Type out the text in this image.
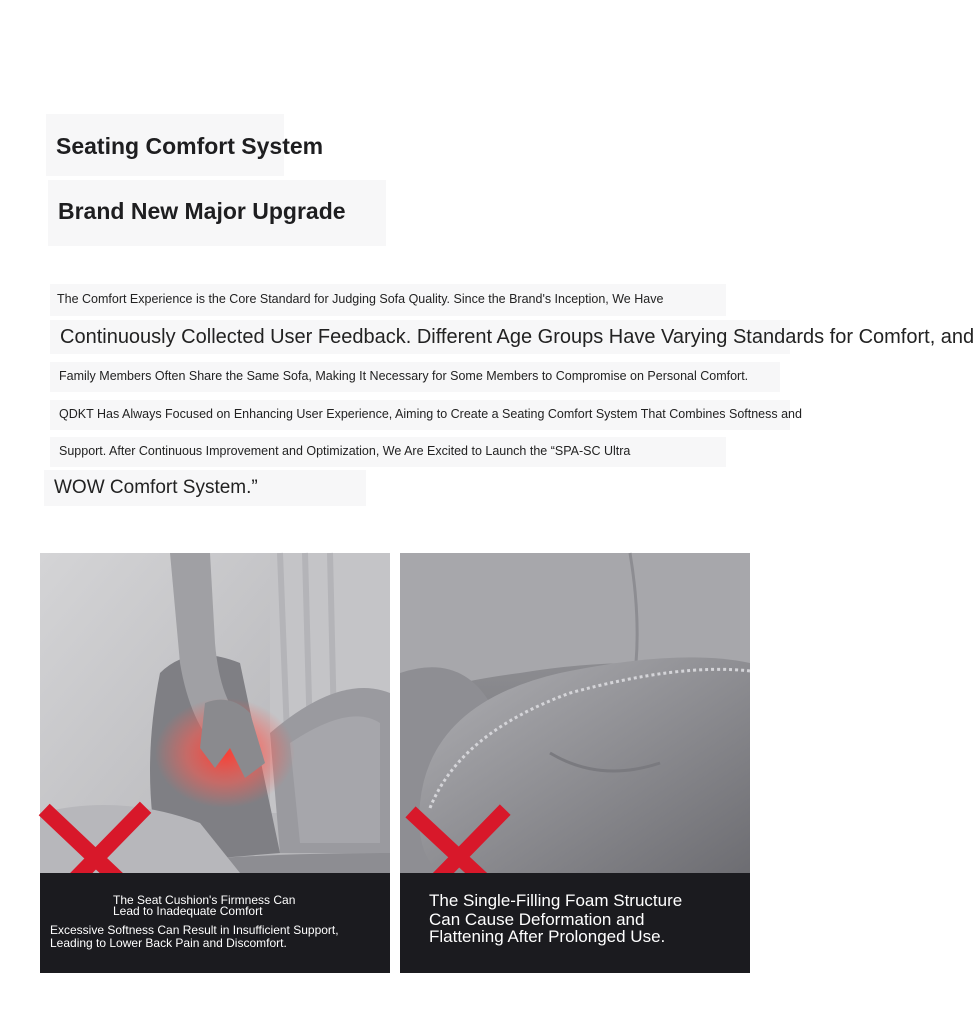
Seating Comfort System
Brand New Major Upgrade
The Comfort Experience is the Core Standard for Judging Sofa Quality. Since the Brand's Inception, We Have
Continuously Collected User Feedback. Different Age Groups Have Varying Standards for Comfort, and
Family Members Often Share the Same Sofa, Making It Necessary for Some Members to Compromise on Personal Comfort.
QDKT Has Always Focused on Enhancing User Experience, Aiming to Create a Seating Comfort System That Combines Softness and
Support. After Continuous Improvement and Optimization, We Are Excited to Launch the “SPA-SC Ultra
WOW Comfort System.”
The Seat Cushion's Firmness Can
Lead to Inadequate Comfort
Excessive Softness Can Result in Insufficient Support,
Leading to Lower Back Pain and Discomfort.
The Single-Filling Foam Structure
Can Cause Deformation and
Flattening After Prolonged Use.
